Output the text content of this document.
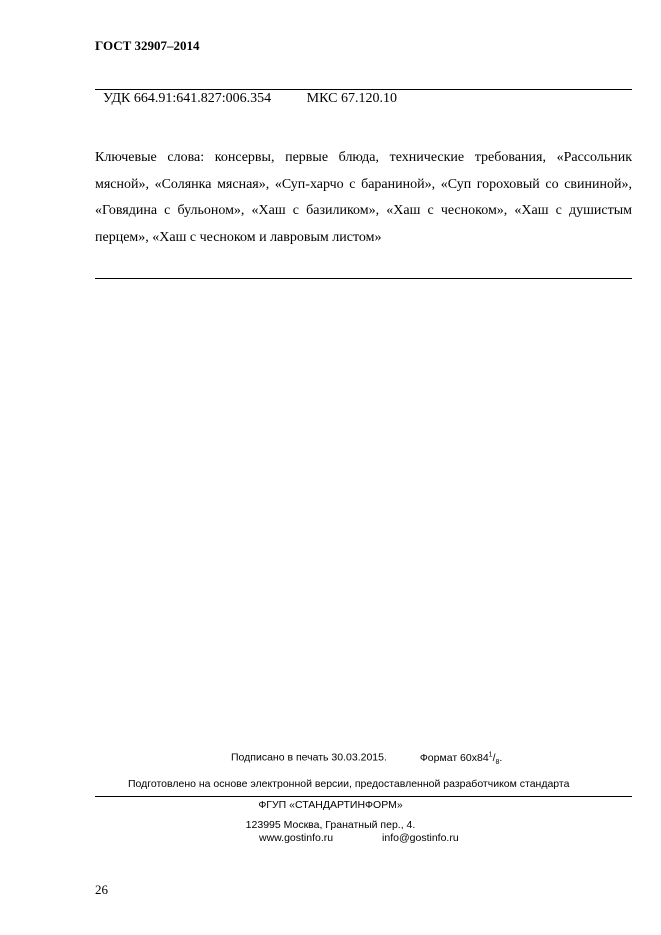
ГОСТ 32907–2014
УДК 664.91:641.827:006.354	МКС 67.120.10
Ключевые слова: консервы, первые блюда, технические требования, «Рассольник мясной», «Солянка мясная», «Суп-харчо с бараниной», «Суп гороховый со свининой», «Говядина с бульоном», «Хаш с базиликом», «Хаш с чесноком», «Хаш с душистым перцем», «Хаш с чесноком и лавровым листом»
Подписано в печать 30.03.2015.	Формат $60х84^1/_8$.
Подготовлено на основе электронной версии, предоставленной разработчиком стандарта
ФГУП «СТАНДАРТИНФОРМ»
123995 Москва, Гранатный пер., 4.
www.gostinfo.ru	info@gostinfo.ru
26
